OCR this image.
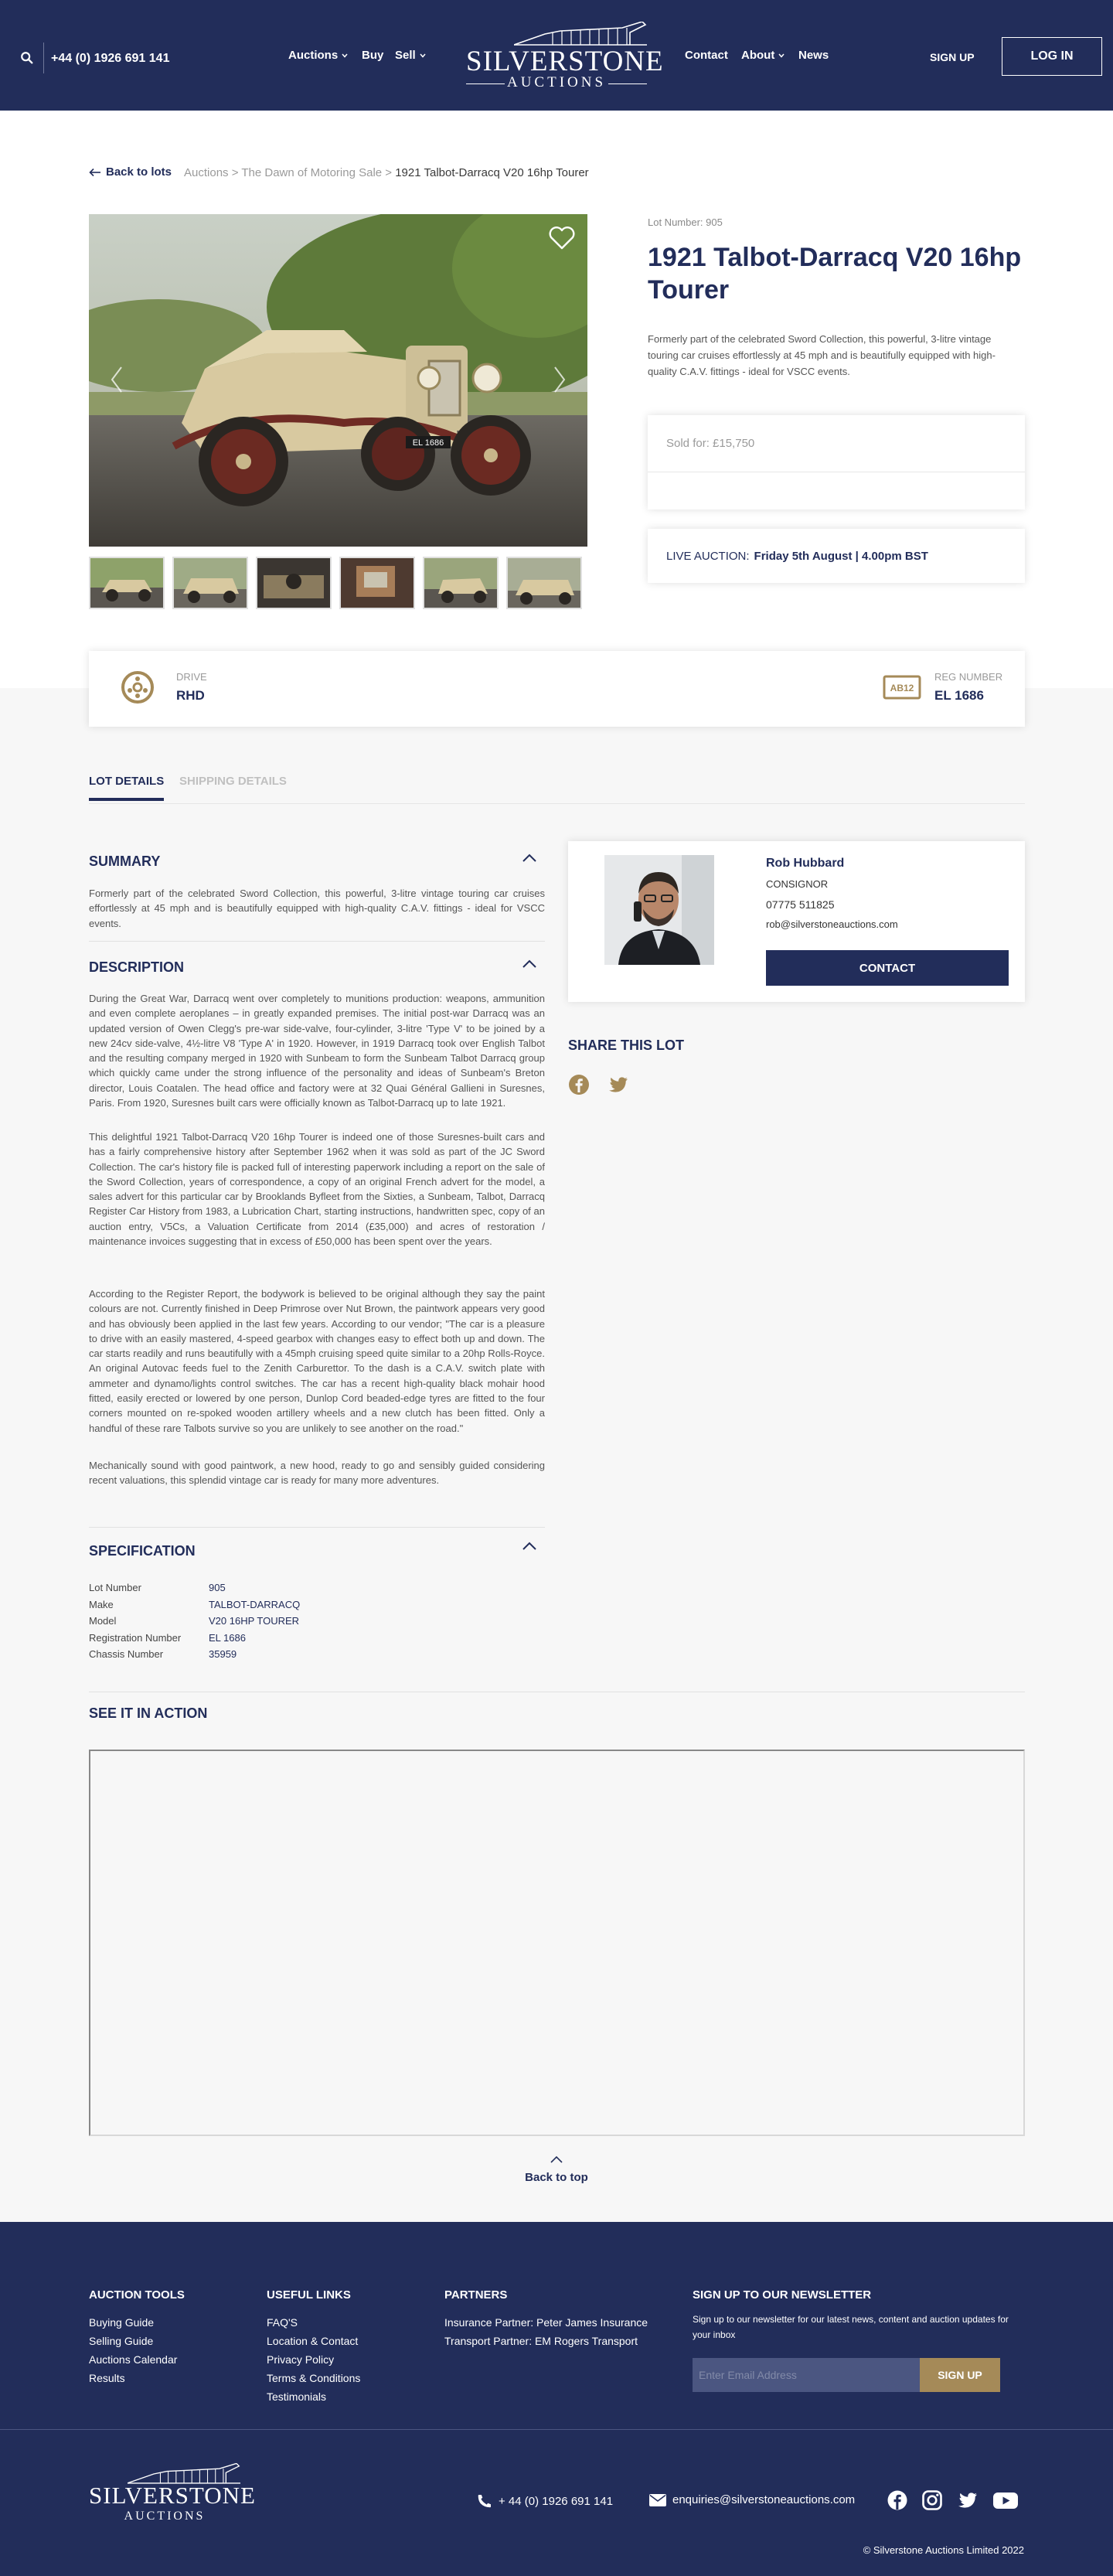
+44 (0) 1926 691 141	Auctions Buy Sell SILVERSTONE
AUCTIONS
Contact About News	SIGN UP	LOG IN
Back to lots Auctions > The Dawn of Motoring Sale > 1921 Talbot-Darracq V20 16hp Tourer
EL 1686
Lot Number: 905
1921 Talbot-Darracq V20 16hp Tourer

Formerly part of the celebrated Sword Collection, this powerful, 3-litre vintage touring car cruises effortlessly at 45 mph and is beautifully equipped with high-quality C.A.V. fittings - ideal for VSCC events.

Sold for: £15,750
LIVE AUCTION: Friday 5th August | 4.00pm BST
DRIVE
RHD	AB12
REG NUMBER
EL 1686
LOT DETAILS SHIPPING DETAILS
SUMMARY

Formerly part of the celebrated Sword Collection, this powerful, 3-litre vintage touring car cruises effortlessly at 45 mph and is beautifully equipped with high-quality C.A.V. fittings - ideal for VSCC events.

DESCRIPTION

During the Great War, Darracq went over completely to munitions production: weapons, ammunition and even complete aeroplanes – in greatly expanded premises. The initial post-war Darracq was an updated version of Owen Clegg's pre-war side-valve, four-cylinder, 3-litre 'Type V' to be joined by a new 24cv side-valve, 4½-litre V8 'Type A' in 1920. However, in 1919 Darracq took over English Talbot and the resulting company merged in 1920 with Sunbeam to form the Sunbeam Talbot Darracq group which quickly came under the strong influence of the personality and ideas of Sunbeam's Breton director, Louis Coatalen. The head office and factory were at 32 Quai Général Gallieni in Suresnes, Paris. From 1920, Suresnes built cars were officially known as Talbot-Darracq up to late 1921.

This delightful 1921 Talbot-Darracq V20 16hp Tourer is indeed one of those Suresnes-built cars and has a fairly comprehensive history after September 1962 when it was sold as part of the JC Sword Collection. The car's history file is packed full of interesting paperwork including a report on the sale of the Sword Collection, years of correspondence, a copy of an original French advert for the model, a sales advert for this particular car by Brooklands Byfleet from the Sixties, a Sunbeam, Talbot, Darracq Register Car History from 1983, a Lubrication Chart, starting instructions, handwritten spec, copy of an auction entry, V5Cs, a Valuation Certificate from 2014 (£35,000) and acres of restoration / maintenance invoices suggesting that in excess of £50,000 has been spent over the years.

According to the Register Report, the bodywork is believed to be original although they say the paint colours are not. Currently finished in Deep Primrose over Nut Brown, the paintwork appears very good and has obviously been applied in the last few years. According to our vendor; "The car is a pleasure to drive with an easily mastered, 4-speed gearbox with changes easy to effect both up and down. The car starts readily and runs beautifully with a 45mph cruising speed quite similar to a 20hp Rolls-Royce. An original Autovac feeds fuel to the Zenith Carburettor. To the dash is a C.A.V. switch plate with ammeter and dynamo/lights control switches. The car has a recent high-quality black mohair hood fitted, easily erected or lowered by one person, Dunlop Cord beaded-edge tyres are fitted to the four corners mounted on re-spoked wooden artillery wheels and a new clutch has been fitted. Only a handful of these rare Talbots survive so you are unlikely to see another on the road."

Mechanically sound with good paintwork, a new hood, ready to go and sensibly guided considering recent valuations, this splendid vintage car is ready for many more adventures.

SPECIFICATION
Lot Number	905
Make	TALBOT-DARRACQ
Model	V20 16HP TOURER
Registration Number	EL 1686
Chassis Number	35959
Rob Hubbard
CONSIGNOR
07775 511825
rob@silverstoneauctions.com
CONTACT
SHARE THIS LOT
SEE IT IN ACTION
Back to top
AUCTION TOOLS
Buying Guide
Selling Guide
Auctions Calendar
Results
USEFUL LINKS
FAQ'S
Location & Contact
Privacy Policy
Terms & Conditions
Testimonials
PARTNERS
Insurance Partner: Peter James Insurance
Transport Partner: EM Rogers Transport
SIGN UP TO OUR NEWSLETTER

Sign up to our newsletter for our latest news, content and auction updates for your inbox

Enter Email Address
SIGN UP
SILVERSTONE
AUCTIONS
+ 44 (0) 1926 691 141	enquiries@silverstoneauctions.com
© Silverstone Auctions Limited 2022
